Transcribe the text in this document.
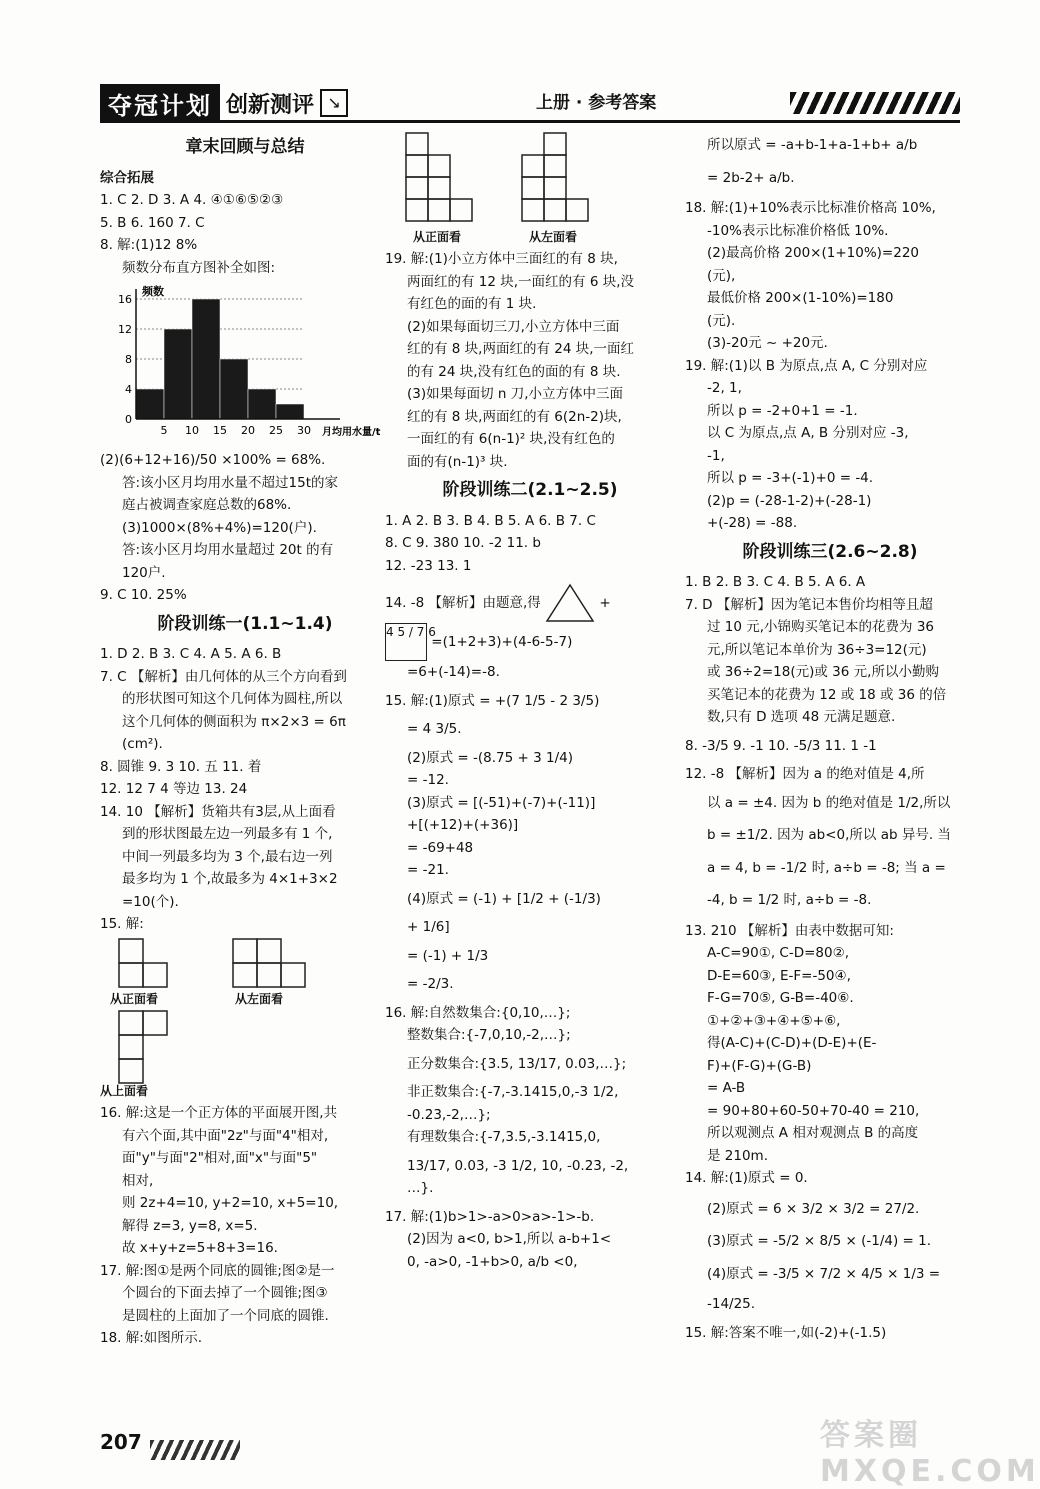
夺冠计划 创新测评 ↘	上册 · 参考答案
章末回顾与总结
综合拓展
1. C 2. D 3. A 4. ④①⑥⑤②③
5. B 6. 160 7. C
8. 解:(1)12 8%
频数分布直方图补全如图:
频数
月均用水量/t
0
4
8
12
16
5 10 15 20 25 30
(2)(6+12+16)/50 ×100% = 68%.
答:该小区月均用水量不超过15t的家
庭占被调查家庭总数的68%.
(3)1000×(8%+4%)=120(户).
答:该小区月均用水量超过 20t 的有
120户.
9. C 10. 25%
阶段训练一(1.1~1.4)
1. D 2. B 3. C 4. A 5. A 6. B
7. C 【解析】由几何体的从三个方向看到
的形状图可知这个几何体为圆柱,所以
这个几何体的侧面积为 π×2×3 = 6π
(cm²).
8. 圆锥 9. 3 10. 五 11. 着
12. 12 7 4 等边 13. 24
14. 10 【解析】货箱共有3层,从上面看
到的形状图最左边一列最多有 1 个,
中间一列最多均为 3 个,最右边一列
最多均为 1 个,故最多为 4×1+3×2
=10(个).
15. 解:
从正面看	从左面看
从上面看
16. 解:这是一个正方体的平面展开图,共
有六个面,其中面"2z"与面"4"相对,
面"y"与面"2"相对,面"x"与面"5"
相对,
则 2z+4=10, y+2=10, x+5=10,
解得 z=3, y=8, x=5.
故 x+y+z=5+8+3=16.
17. 解:图①是两个同底的圆锥;图②是一
个圆台的下面去掉了一个圆锥;图③
是圆柱的上面加了一个同底的圆锥.
18. 解:如图所示.
从正面看	从左面看
19. 解:(1)小立方体中三面红的有 8 块,
两面红的有 12 块,一面红的有 6 块,没
有红色的面的有 1 块.
(2)如果每面切三刀,小立方体中三面
红的有 8 块,两面红的有 24 块,一面红
的有 24 块,没有红色的面的有 8 块.
(3)如果每面切 n 刀,小立方体中三面
红的有 8 块,两面红的有 6(2n-2)块,
一面红的有 6(n-1)² 块,没有红色的
面的有(n-1)³ 块.
阶段训练二(2.1~2.5)
1. A 2. B 3. B 4. B 5. A 6. B 7. C
8. C 9. 380 10. -2 11. b
12. -23 13. 1
14. -8 【解析】由题意,得	+
4 5 / 7 6 =(1+2+3)+(4-6-5-7)
=6+(-14)=-8.
15. 解:(1)原式 = +(7 1/5 - 2 3/5)
= 4 3/5.
(2)原式 = -(8.75 + 3 1/4)
= -12.
(3)原式 = [(-51)+(-7)+(-11)]
+[(+12)+(+36)]
= -69+48
= -21.
(4)原式 = (-1) + [1/2 + (-1/3)
+ 1/6]
= (-1) + 1/3
= -2/3.
16. 解:自然数集合:{0,10,…};
整数集合:{-7,0,10,-2,…};
正分数集合:{3.5, 13/17, 0.03,…};
非正数集合:{-7,-3.1415,0,-3 1/2,
-0.2̇3̇,-2,…};
有理数集合:{-7,3.5,-3.1415,0,
13/17, 0.03, -3 1/2, 10, -0.2̇3̇, -2,
…}.
17. 解:(1)b>1>-a>0>a>-1>-b.
(2)因为 a<0, b>1,所以 a-b+1<
0, -a>0, -1+b>0, a/b <0,
所以原式 = -a+b-1+a-1+b+ a/b
= 2b-2+ a/b.
18. 解:(1)+10%表示比标准价格高 10%,
-10%表示比标准价格低 10%.
(2)最高价格 200×(1+10%)=220
(元),
最低价格 200×(1-10%)=180
(元).
(3)-20元 ~ +20元.
19. 解:(1)以 B 为原点,点 A, C 分别对应
-2, 1,
所以 p = -2+0+1 = -1.
以 C 为原点,点 A, B 分别对应 -3,
-1,
所以 p = -3+(-1)+0 = -4.
(2)p = (-28-1-2)+(-28-1)
+(-28) = -88.
阶段训练三(2.6~2.8)
1. B 2. B 3. C 4. B 5. A 6. A
7. D 【解析】因为笔记本售价均相等且超
过 10 元,小锦购买笔记本的花费为 36
元,所以笔记本单价为 36÷3=12(元)
或 36÷2=18(元)或 36 元,所以小勤购
买笔记本的花费为 12 或 18 或 36 的倍
数,只有 D 选项 48 元满足题意.
8. -3/5 9. -1 10. -5/3 11. 1 -1
12. -8 【解析】因为 a 的绝对值是 4,所
以 a = ±4. 因为 b 的绝对值是 1/2,所以
b = ±1/2. 因为 ab<0,所以 ab 异号. 当
a = 4, b = -1/2 时, a÷b = -8; 当 a =
-4, b = 1/2 时, a÷b = -8.
13. 210 【解析】由表中数据可知:
A-C=90①, C-D=80②,
D-E=60③, E-F=-50④,
F-G=70⑤, G-B=-40⑥.
①+②+③+④+⑤+⑥,
得(A-C)+(C-D)+(D-E)+(E-
F)+(F-G)+(G-B)
= A-B
= 90+80+60-50+70-40 = 210,
所以观测点 A 相对观测点 B 的高度
是 210m.
14. 解:(1)原式 = 0.
(2)原式 = 6 × 3/2 × 3/2 = 27/2.
(3)原式 = -5/2 × 8/5 × (-1/4) = 1.
(4)原式 = -3/5 × 7/2 × 4/5 × 1/3 =
-14/25.
15. 解:答案不唯一,如(-2)+(-1.5)
207	答案圈 MXQE.COM
